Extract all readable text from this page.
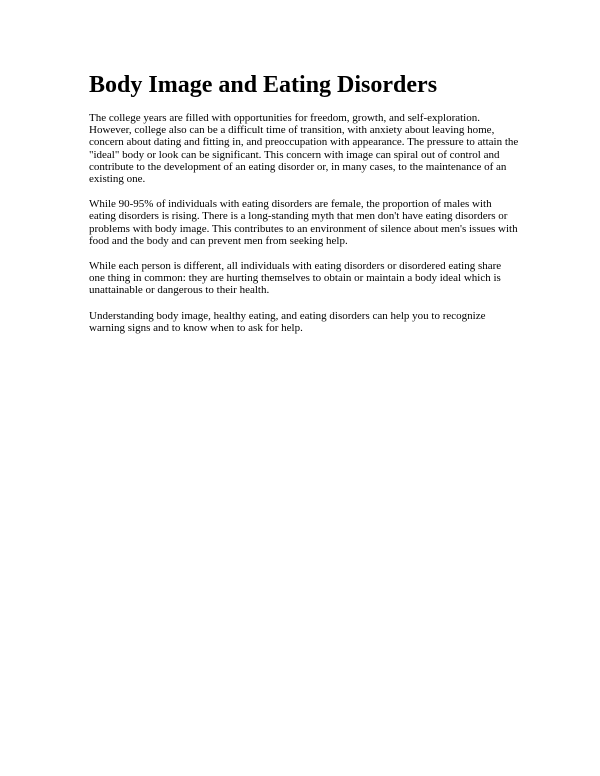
Body Image and Eating Disorders

The college years are filled with opportunities for freedom, growth, and self-exploration. However, college also can be a difficult time of transition, with anxiety about leaving home, concern about dating and fitting in, and preoccupation with appearance. The pressure to attain the "ideal" body or look can be significant. This concern with image can spiral out of control and contribute to the development of an eating disorder or, in many cases, to the maintenance of an existing one.

While 90-95% of individuals with eating disorders are female, the proportion of males with eating disorders is rising. There is a long-standing myth that men don't have eating disorders or problems with body image. This contributes to an environment of silence about men's issues with food and the body and can prevent men from seeking help.

While each person is different, all individuals with eating disorders or disordered eating share one thing in common: they are hurting themselves to obtain or maintain a body ideal which is unattainable or dangerous to their health.

Understanding body image, healthy eating, and eating disorders can help you to recognize warning signs and to know when to ask for help.
